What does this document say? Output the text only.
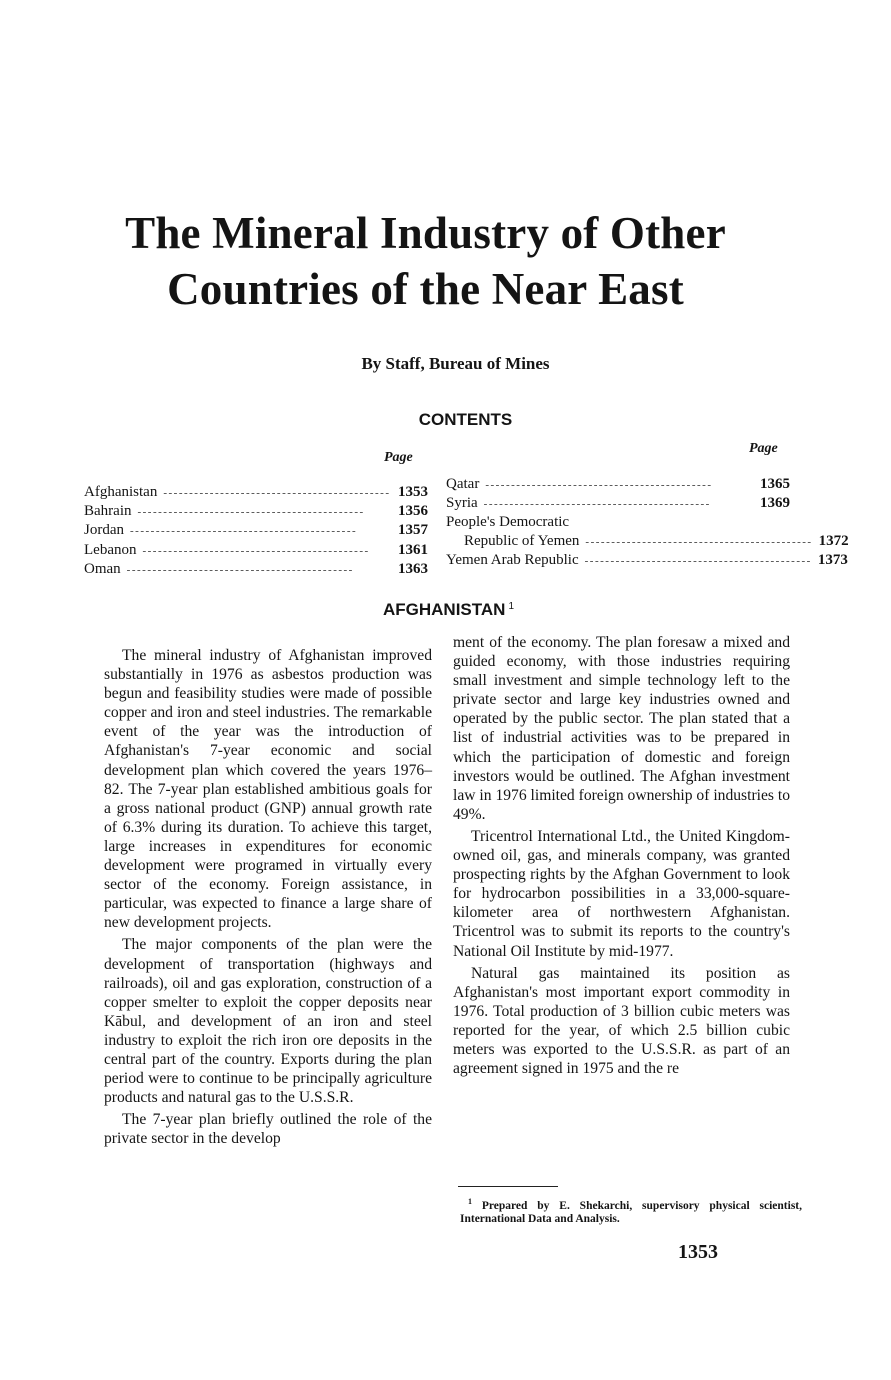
The Mineral Industry of Other
Countries of the Near East
By Staff, Bureau of Mines
CONTENTS
Page
Page
Afghanistan -------------------------------------------- 1353
Bahrain --------------------------------------------	1356
Jordan --------------------------------------------	1357
Lebanon --------------------------------------------	1361
Oman --------------------------------------------	1363
Qatar --------------------------------------------	1365
Syria --------------------------------------------	1369
People's Democratic
Republic of Yemen -------------------------------------------- 1372
Yemen Arab Republic -------------------------------------------- 1373
AFGHANISTAN $^1$

The mineral industry of Afghanistan improved substantially in 1976 as asbestos production was begun and feasibility studies were made of possible copper and iron and steel industries. The remarkable event of the year was the introduction of Afghanistan's 7-year economic and social development plan which covered the years 1976–82. The 7-year plan established ambitious goals for a gross national product (GNP) annual growth rate of 6.3% during its duration. To achieve this target, large increases in expenditures for economic development were programed in virtually every sector of the economy. Foreign assistance, in particular, was expected to finance a large share of new development projects.

The major components of the plan were the development of transportation (highways and railroads), oil and gas exploration, construction of a copper smelter to exploit the copper deposits near Kābul, and development of an iron and steel industry to exploit the rich iron ore deposits in the central part of the country. Exports during the plan period were to continue to be principally agriculture products and natural gas to the U.S.S.R.

The 7-year plan briefly outlined the role of the private sector in the develop

ment of the economy. The plan foresaw a mixed and guided economy, with those industries requiring small investment and simple technology left to the private sector and large key industries owned and operated by the public sector. The plan stated that a list of industrial activities was to be prepared in which the participation of domestic and foreign investors would be outlined. The Afghan investment law in 1976 limited foreign ownership of industries to 49%.

Tricentrol International Ltd., the United Kingdom-owned oil, gas, and minerals company, was granted prospecting rights by the Afghan Government to look for hydrocarbon possibilities in a 33,000-square-kilometer area of northwestern Afghanistan. Tricentrol was to submit its reports to the country's National Oil Institute by mid-1977.

Natural gas maintained its position as Afghanistan's most important export commodity in 1976. Total production of 3 billion cubic meters was reported for the year, of which 2.5 billion cubic meters was exported to the U.S.S.R. as part of an agreement signed in 1975 and the re

$^1$ Prepared by E. Shekarchi, supervisory physical scientist, International Data and Analysis.

1353
